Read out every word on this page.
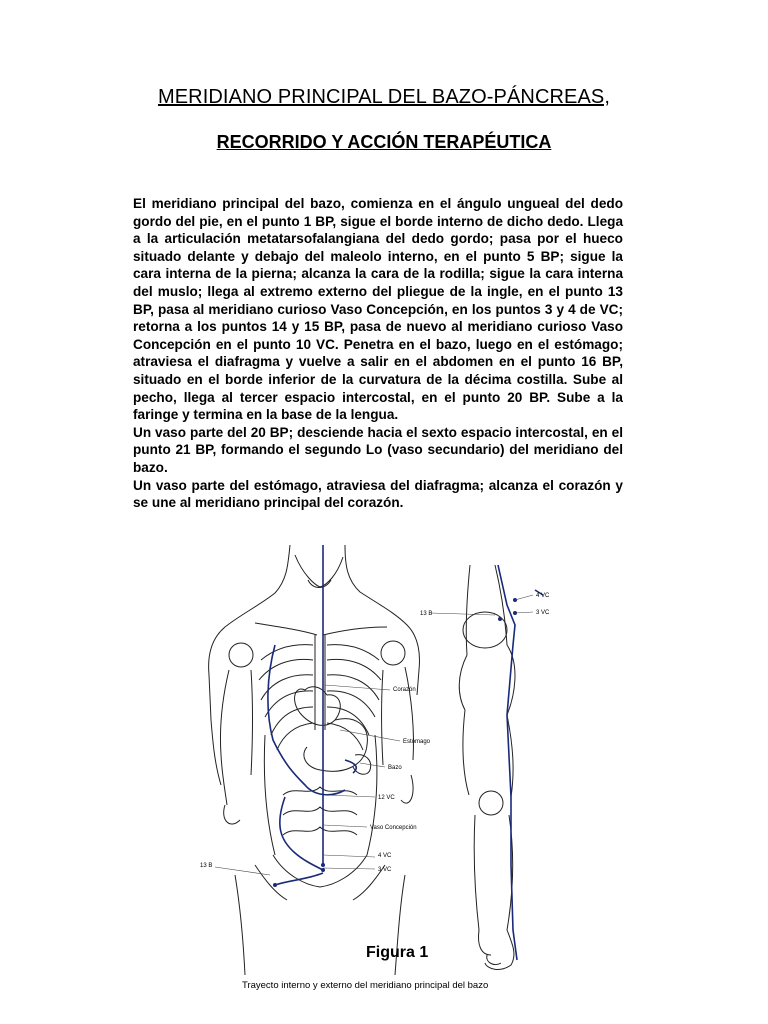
MERIDIANO PRINCIPAL DEL BAZO-PÁNCREAS,
RECORRIDO Y ACCIÓN TERAPÉUTICA

El meridiano principal del bazo, comienza en el ángulo ungueal del dedo gordo del pie, en el punto 1 BP, sigue el borde interno de dicho dedo. Llega a la articulación metatarsofalangiana del dedo gordo; pasa por el hueco situado delante y debajo del maleolo interno, en el punto 5 BP; sigue la cara interna de la pierna; alcanza la cara de la rodilla; sigue la cara interna del muslo; llega al extremo externo del pliegue de la ingle, en el punto 13 BP, pasa al meridiano curioso Vaso Concepción, en los puntos 3 y 4 de VC; retorna a los puntos 14 y 15 BP, pasa de nuevo al meridiano curioso Vaso Concepción en el punto 10 VC. Penetra en el bazo, luego en el estómago; atraviesa el diafragma y vuelve a salir en el abdomen en el punto 16 BP, situado en el borde inferior de la curvatura de la décima costilla. Sube al pecho, llega al tercer espacio intercostal, en el punto 20 BP. Sube a la faringe y termina en la base de la lengua.

Un vaso parte del 20 BP; desciende hacia el sexto espacio intercostal, en el punto 21 BP, formando el segundo Lo (vaso secundario) del meridiano del bazo.

Un vaso parte del estómago, atraviesa del diafragma; alcanza el corazón y se une al meridiano principal del corazón.

Corazón
Estómago
Bazo
12 VC
Vaso Concepción
4 VC
3 VC
13 B
4 VC
3 VC
13 B
Figura 1
Trayecto interno y externo del meridiano principal del bazo
